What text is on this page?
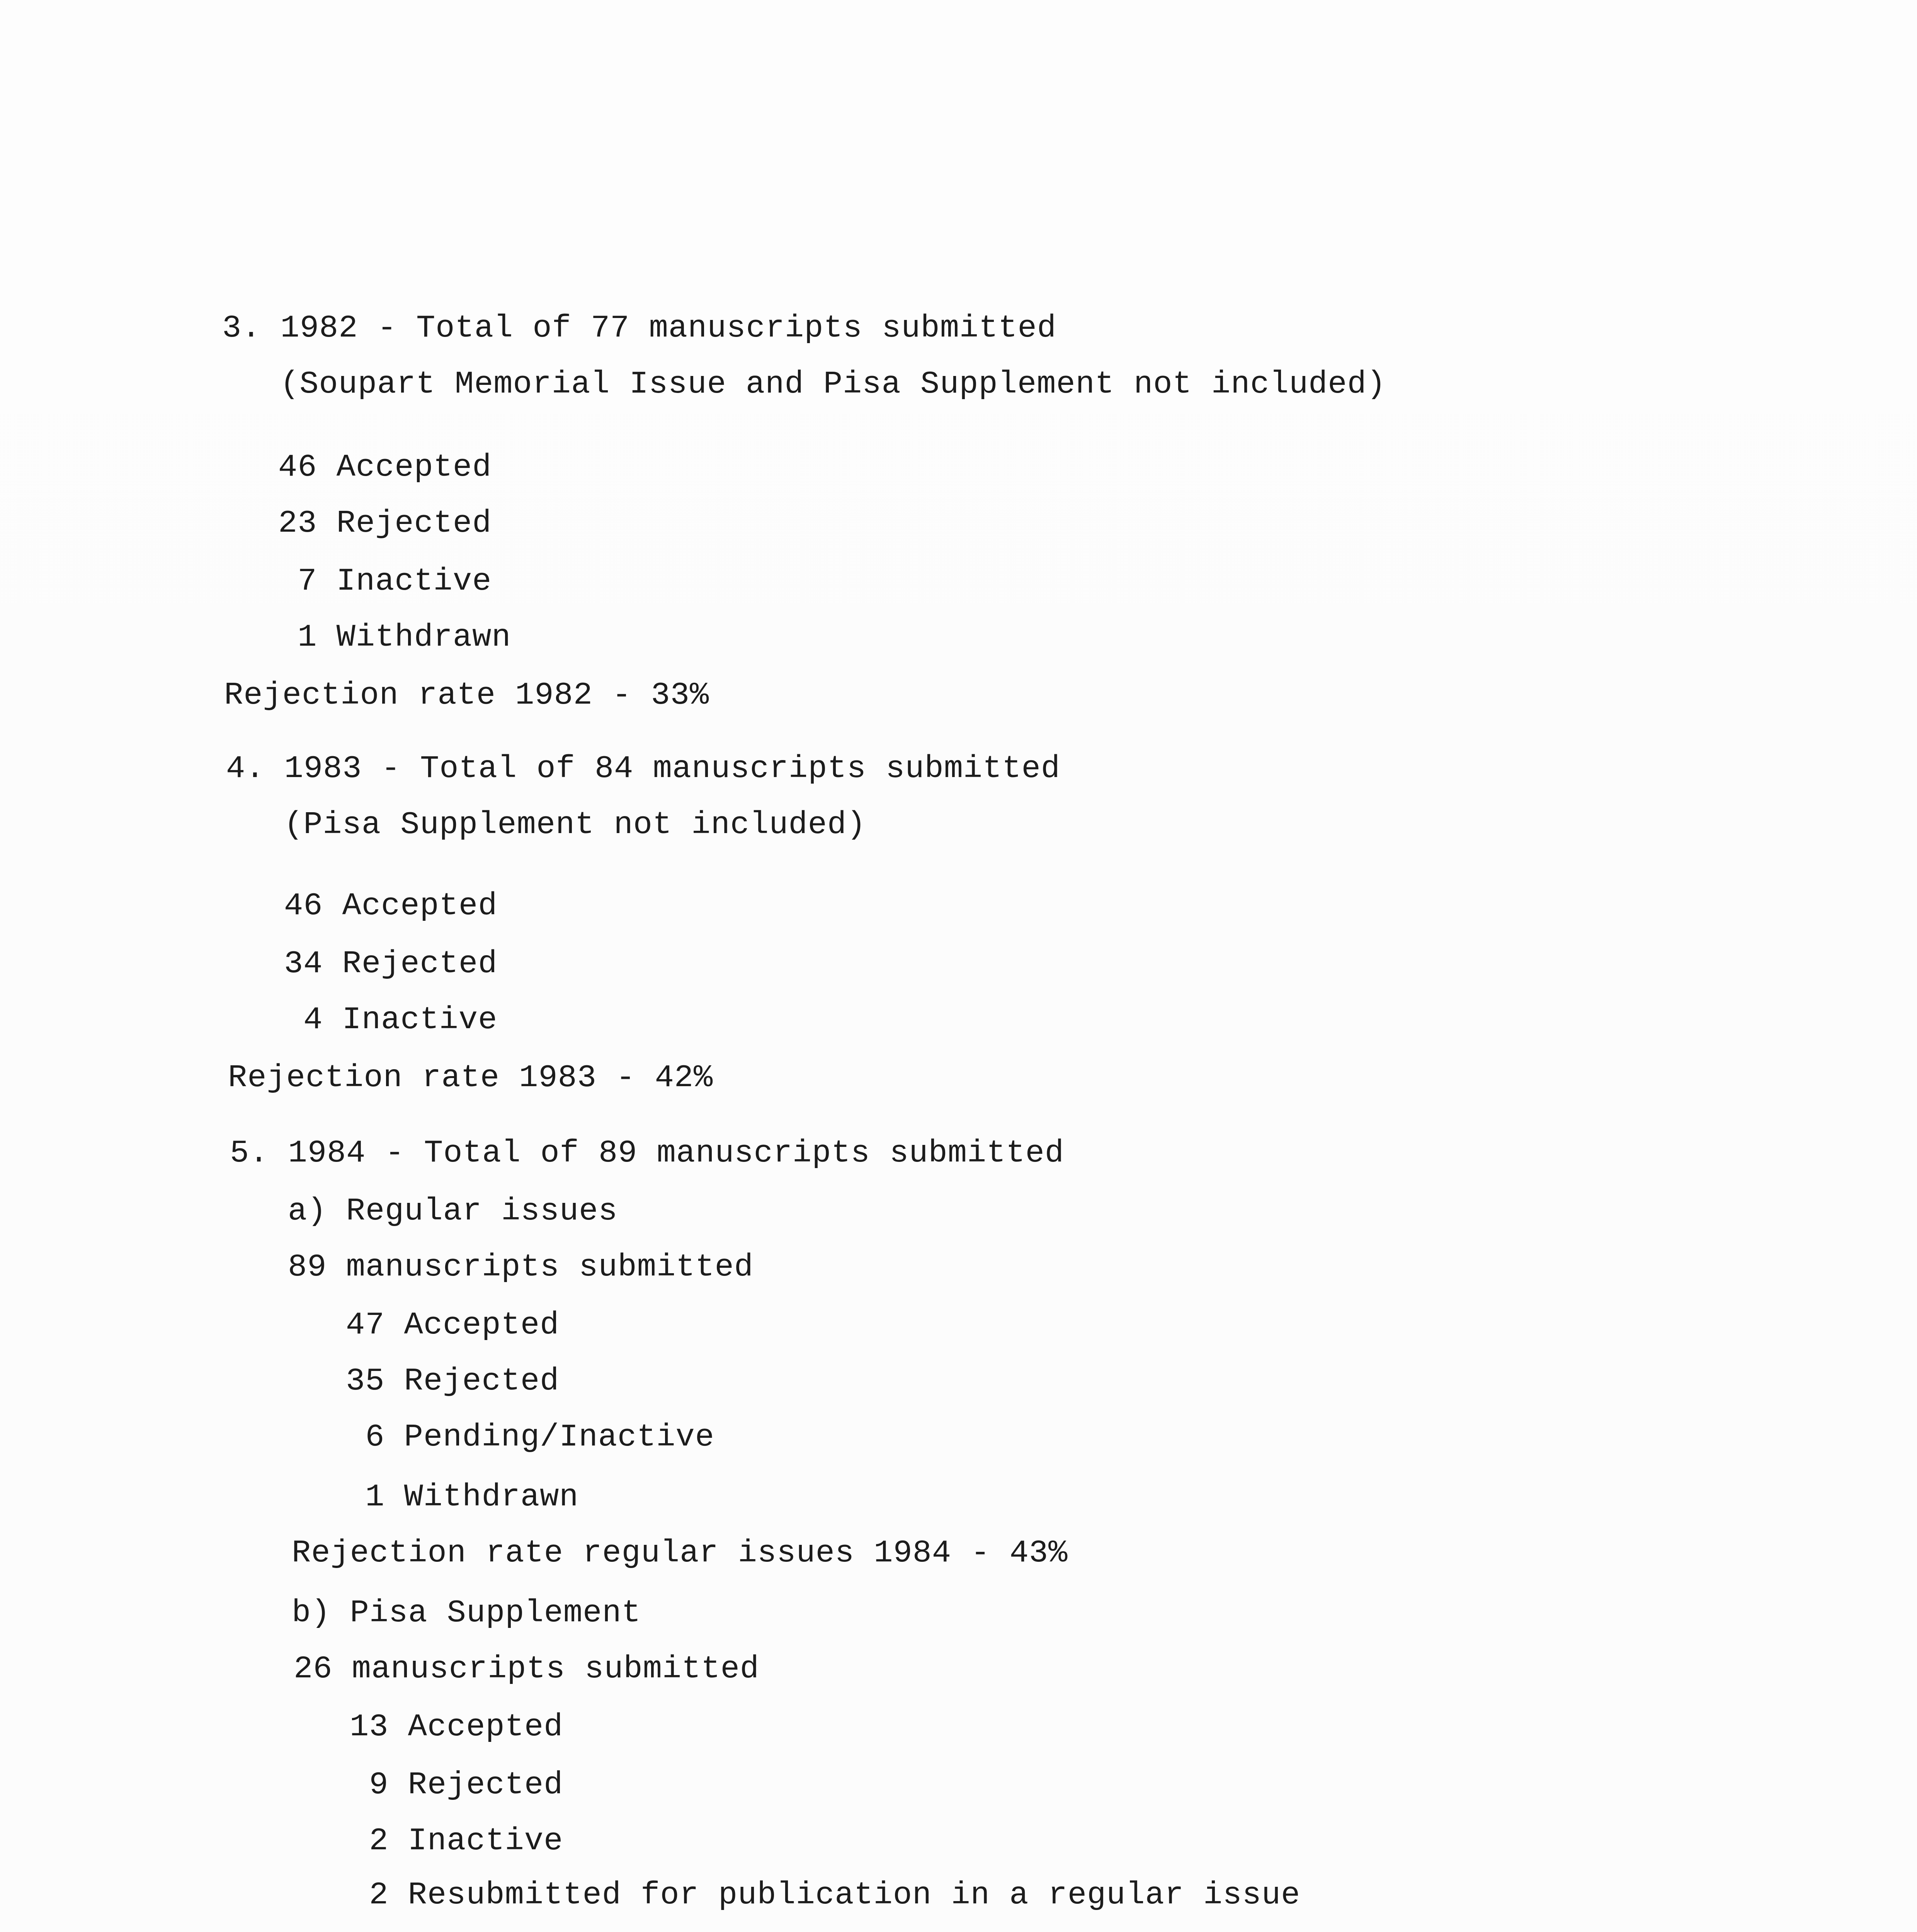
3. 1982 - Total of 77 manuscripts submitted
(Soupart Memorial Issue and Pisa Supplement not included)
46 Accepted
23 Rejected
7 Inactive
1 Withdrawn
Rejection rate 1982 - 33%
4. 1983 - Total of 84 manuscripts submitted
(Pisa Supplement not included)
46 Accepted
34 Rejected
4 Inactive
Rejection rate 1983 - 42%
5. 1984 - Total of 89 manuscripts submitted
a) Regular issues
89 manuscripts submitted
47 Accepted
35 Rejected
6 Pending/Inactive
1 Withdrawn
Rejection rate regular issues 1984 - 43%
b) Pisa Supplement
26 manuscripts submitted
13 Accepted
9 Rejected
2 Inactive
2 Resubmitted for publication in a regular issue
